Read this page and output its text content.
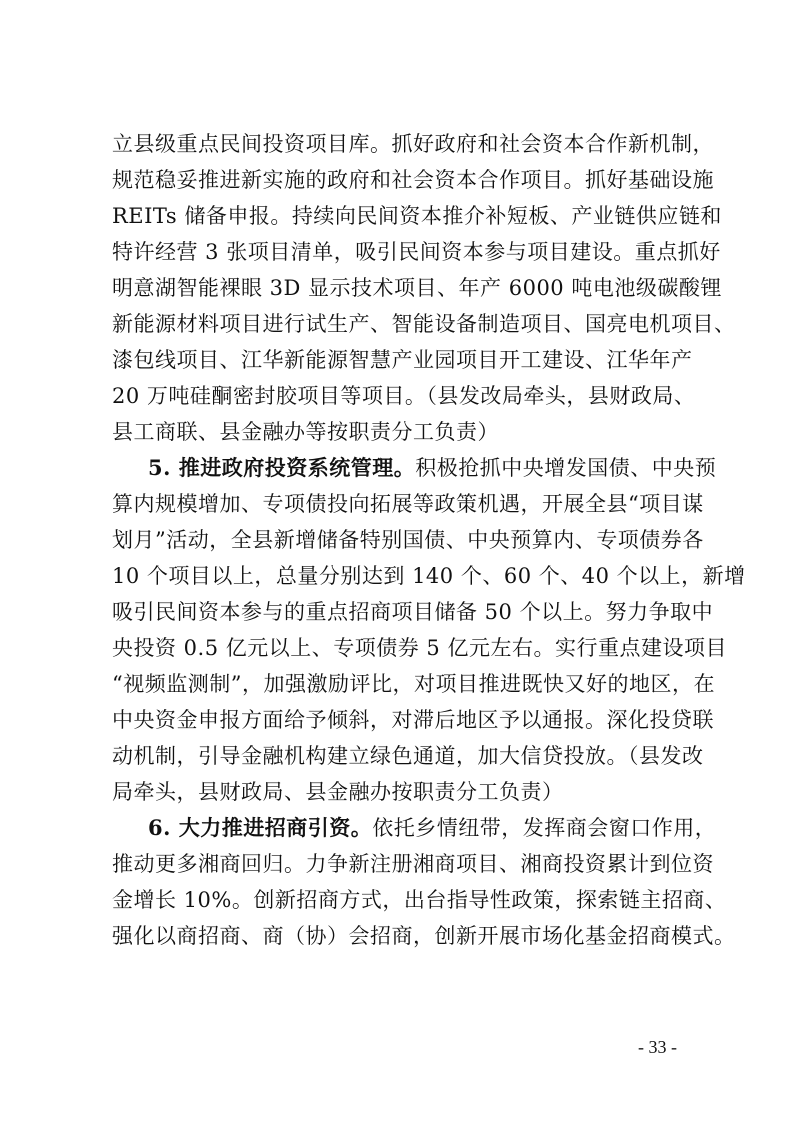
立县级重点民间投资项目库。抓好政府和社会资本合作新机制，
规范稳妥推进新实施的政府和社会资本合作项目。抓好基础设施
REITs 储备申报。持续向民间资本推介补短板、产业链供应链和
特许经营 3 张项目清单，吸引民间资本参与项目建设。重点抓好
明意湖智能裸眼 3D 显示技术项目、年产 6000 吨电池级碳酸锂
新能源材料项目进行试生产、智能设备制造项目、国亮电机项目、
漆包线项目、江华新能源智慧产业园项目开工建设、江华年产
20 万吨硅酮密封胶项目等项目。（县发改局牵头，县财政局、
县工商联、县金融办等按职责分工负责）
5. 推进政府投资系统管理。积极抢抓中央增发国债、中央预
算内规模增加、专项债投向拓展等政策机遇，开展全县“项目谋
划月”活动，全县新增储备特别国债、中央预算内、专项债券各
10 个项目以上，总量分别达到 140 个、60 个、40 个以上，新增
吸引民间资本参与的重点招商项目储备 50 个以上。努力争取中
央投资 0.5 亿元以上、专项债券 5 亿元左右。实行重点建设项目
“视频监测制”，加强激励评比，对项目推进既快又好的地区，在
中央资金申报方面给予倾斜，对滞后地区予以通报。深化投贷联
动机制，引导金融机构建立绿色通道，加大信贷投放。（县发改
局牵头，县财政局、县金融办按职责分工负责）
6. 大力推进招商引资。依托乡情纽带，发挥商会窗口作用，
推动更多湘商回归。力争新注册湘商项目、湘商投资累计到位资
金增长 10%。创新招商方式，出台指导性政策，探索链主招商、
强化以商招商、商（协）会招商，创新开展市场化基金招商模式。
- 33 -
